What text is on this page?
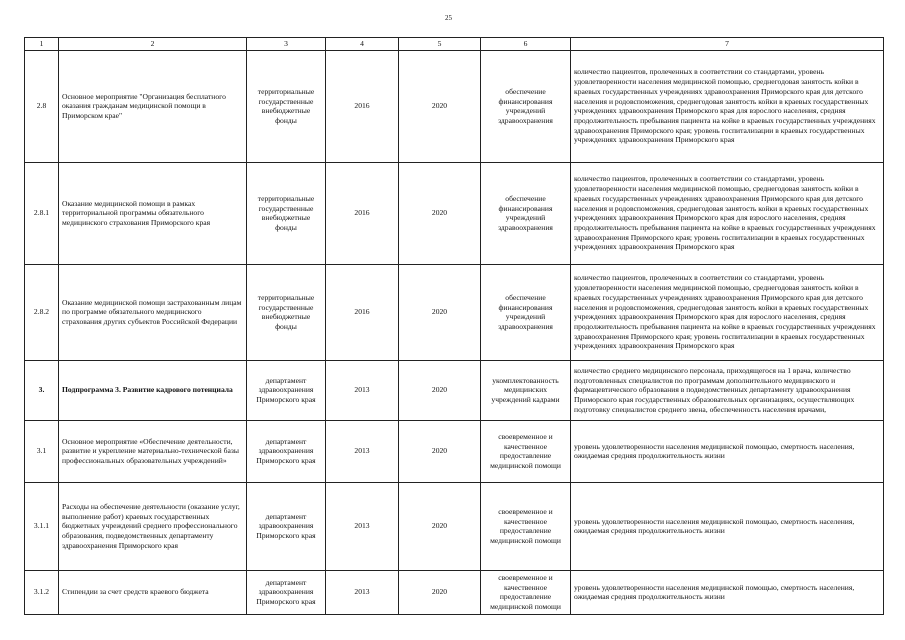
25
1	2	3	4	5	6	7
2.8	Основное мероприятие "Организация бесплатного оказания гражданам медицинской помощи в Приморском крае"	территориальные государственные внебюджетные фонды	2016	2020	обеспечение финансирования учреждений здравоохранения	количество пациентов, пролеченных в соответствии со стандартами, уровень удовлетворенности населения медицинской помощью, среднегодовая занятость койки в краевых государственных учреждениях здравоохранения Приморского края для детского населения и родовспоможения, среднегодовая занятость койки в краевых государственных учреждениях здравоохранения Приморского края для взрослого населения, средняя продолжительность пребывания пациента на койке в краевых государственных учреждениях здравоохранения Приморского края; уровень госпитализации в краевых государственных учреждениях здравоохранения Приморского края
2.8.1	Оказание медицинской помощи в рамках территориальной программы обязательного медицинского страхования Приморского края	территориальные государственные внебюджетные фонды	2016	2020	обеспечение финансирования учреждений здравоохранения	количество пациентов, пролеченных в соответствии со стандартами, уровень удовлетворенности населения медицинской помощью, среднегодовая занятость койки в краевых государственных учреждениях здравоохранения Приморского края для детского населения и родовспоможения, среднегодовая занятость койки в краевых государственных учреждениях здравоохранения Приморского края для взрослого населения, средняя продолжительность пребывания пациента на койке в краевых государственных учреждениях здравоохранения Приморского края; уровень госпитализации в краевых государственных учреждениях здравоохранения Приморского края
2.8.2	Оказание медицинской помощи застрахованным лицам по программе обязательного медицинского страхования других субъектов Российской Федерации	территориальные государственные внебюджетные фонды	2016	2020	обеспечение финансирования учреждений здравоохранения	количество пациентов, пролеченных в соответствии со стандартами, уровень удовлетворенности населения медицинской помощью, среднегодовая занятость койки в краевых государственных учреждениях здравоохранения Приморского края для детского населения и родовспоможения, среднегодовая занятость койки в краевых государственных учреждениях здравоохранения Приморского края для взрослого населения, средняя продолжительность пребывания пациента на койке в краевых государственных учреждениях здравоохранения Приморского края; уровень госпитализации в краевых государственных учреждениях здравоохранения Приморского края
3.	Подпрограмма 3. Развитие кадрового потенциала	департамент здравоохранения Приморского края	2013	2020	укомплектованность медицинских учреждений кадрами	количество среднего медицинского персонала, приходящегося на 1 врача, количество подготовленных специалистов по программам дополнительного медицинского и фармацевтического образования в подведомственных департаменту здравоохранения Приморского края государственных образовательных организациях, осуществляющих подготовку специалистов среднего звена, обеспеченность населения врачами,
3.1	Основное мероприятие «Обеспечение деятельности, развитие и укрепление материально-технической базы профессиональных образовательных учреждений»	департамент здравоохранения Приморского края	2013	2020	своевременное и качественное предоставление медицинской помощи	уровень удовлетворенности населения медицинской помощью, смертность населения, ожидаемая средняя продолжительность жизни
3.1.1	Расходы на обеспечение деятельности (оказание услуг, выполнение работ) краевых государственных бюджетных учреждений среднего профессионального образования, подведомственных департаменту здравоохранения Приморского края	департамент здравоохранения Приморского края	2013	2020	своевременное и качественное предоставление медицинской помощи	уровень удовлетворенности населения медицинской помощью, смертность населения, ожидаемая средняя продолжительность жизни
3.1.2	Стипендии за счет средств краевого бюджета	департамент здравоохранения Приморского края	2013	2020	своевременное и качественное предоставление медицинской помощи	уровень удовлетворенности населения медицинской помощью, смертность населения, ожидаемая средняя продолжительность жизни
